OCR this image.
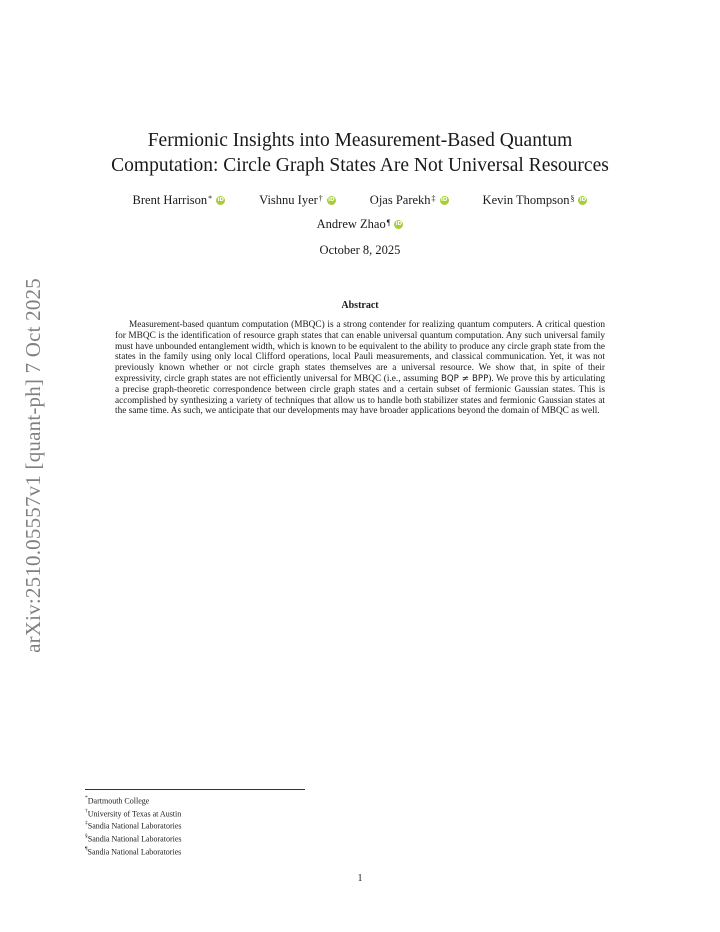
arXiv:2510.05557v1 [quant-ph] 7 Oct 2025
Fermionic Insights into Measurement-Based Quantum
Computation: Circle Graph States Are Not Universal Resources
Brent Harrison* iD	Vishnu Iyer† iD	Ojas Parekh‡ iD	Kevin Thompson§ iD
Andrew Zhao¶ iD
October 8, 2025
Abstract

Measurement-based quantum computation (MBQC) is a strong contender for realizing quantum computers. A critical question for MBQC is the identification of resource graph states that can enable universal quantum computation. Any such universal family must have unbounded entanglement width, which is known to be equivalent to the ability to produce any circle graph state from the states in the family using only local Clifford operations, local Pauli measurements, and classical communication. Yet, it was not previously known whether or not circle graph states themselves are a universal resource. We show that, in spite of their expressivity, circle graph states are not efficiently universal for MBQC (i.e., assuming BQP ≠ BPP). We prove this by articulating a precise graph-theoretic correspondence between circle graph states and a certain subset of fermionic Gaussian states. This is accomplished by synthesizing a variety of techniques that allow us to handle both stabilizer states and fermionic Gaussian states at the same time. As such, we anticipate that our developments may have broader applications beyond the domain of MBQC as well.

*Dartmouth College
†University of Texas at Austin
‡Sandia National Laboratories
§Sandia National Laboratories
¶Sandia National Laboratories
1
